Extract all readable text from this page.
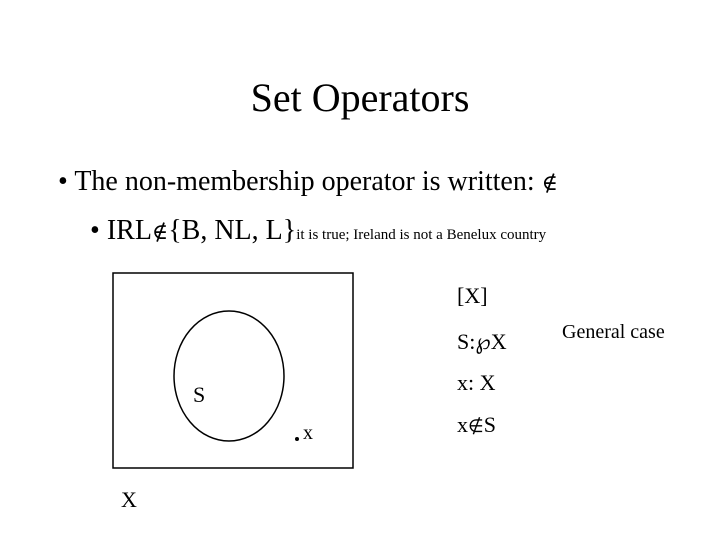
Set Operators
• The non-membership operator is written: ∉
• IRL∉{B, NL, L}it is true; Ireland is not a Benelux country
S
x
X
[X]
S:℘X
x: X
x∉S
General case
